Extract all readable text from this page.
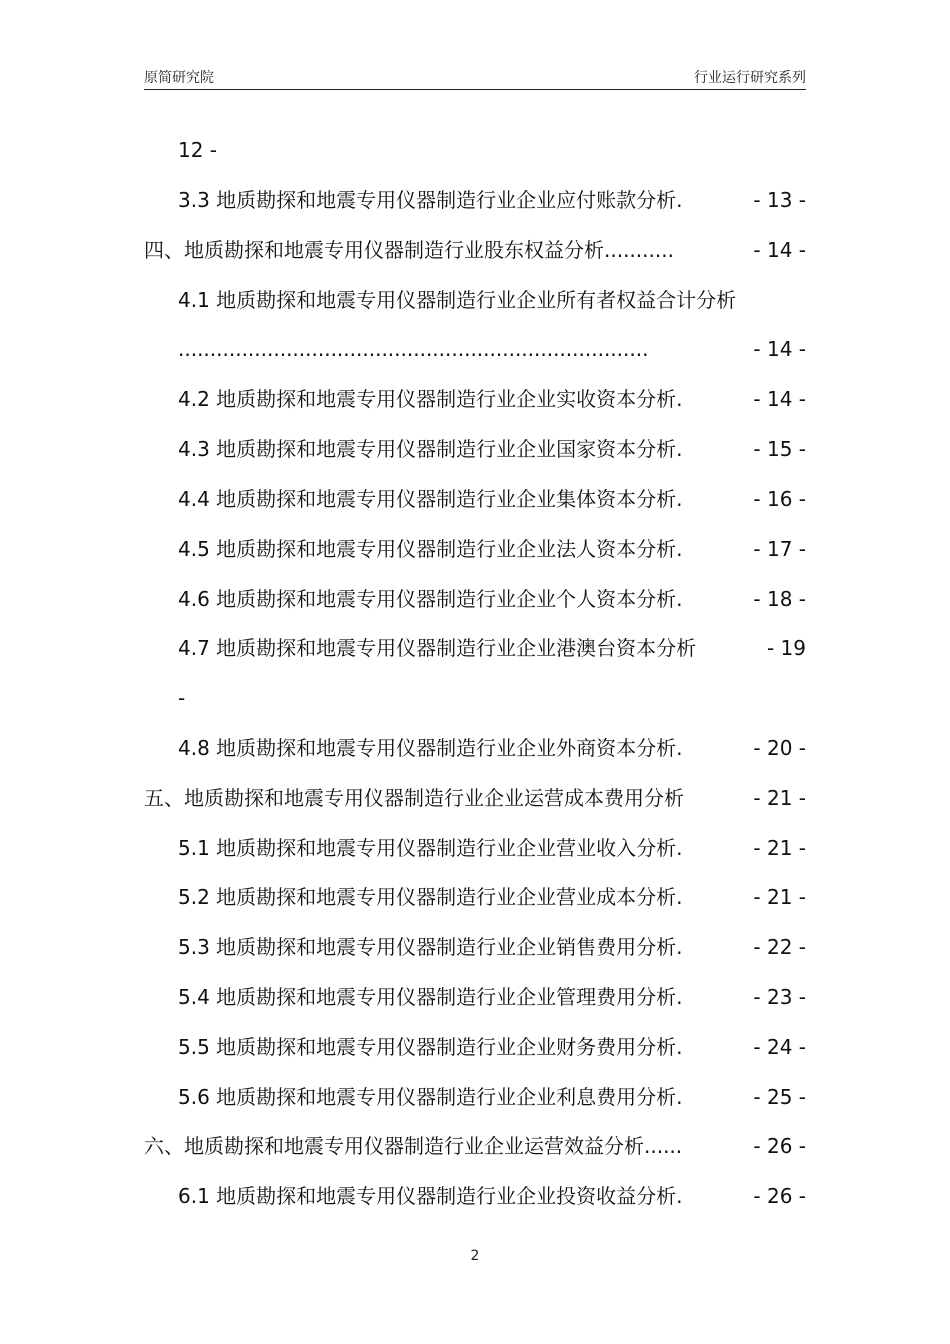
原简研究院	行业运行研究系列
12 -
3.3 地质勘探和地震专用仪器制造行业企业应付账款分析.	- 13 -
四、地质勘探和地震专用仪器制造行业股东权益分析...........	- 14 -
4.1 地质勘探和地震专用仪器制造行业企业所有者权益合计分析
..........................................................................	- 14 -
4.2 地质勘探和地震专用仪器制造行业企业实收资本分析.	- 14 -
4.3 地质勘探和地震专用仪器制造行业企业国家资本分析.	- 15 -
4.4 地质勘探和地震专用仪器制造行业企业集体资本分析.	- 16 -
4.5 地质勘探和地震专用仪器制造行业企业法人资本分析.	- 17 -
4.6 地质勘探和地震专用仪器制造行业企业个人资本分析.	- 18 -
4.7 地质勘探和地震专用仪器制造行业企业港澳台资本分析	- 19
-
4.8 地质勘探和地震专用仪器制造行业企业外商资本分析.	- 20 -
五、地质勘探和地震专用仪器制造行业企业运营成本费用分析	- 21 -
5.1 地质勘探和地震专用仪器制造行业企业营业收入分析.	- 21 -
5.2 地质勘探和地震专用仪器制造行业企业营业成本分析.	- 21 -
5.3 地质勘探和地震专用仪器制造行业企业销售费用分析.	- 22 -
5.4 地质勘探和地震专用仪器制造行业企业管理费用分析.	- 23 -
5.5 地质勘探和地震专用仪器制造行业企业财务费用分析.	- 24 -
5.6 地质勘探和地震专用仪器制造行业企业利息费用分析.	- 25 -
六、地质勘探和地震专用仪器制造行业企业运营效益分析......	- 26 -
6.1 地质勘探和地震专用仪器制造行业企业投资收益分析.	- 26 -
2
